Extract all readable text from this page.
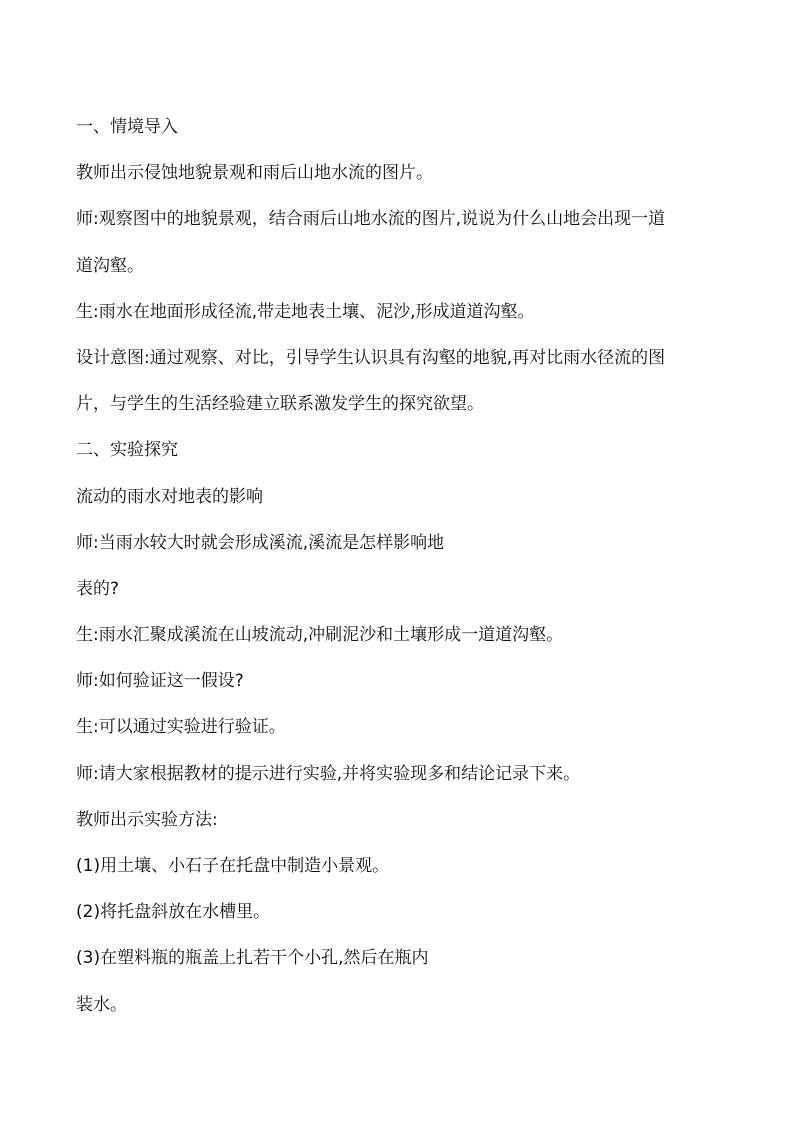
一、情境导入
教师出示侵蚀地貌景观和雨后山地水流的图片。
师:观察图中的地貌景观，结合雨后山地水流的图片,说说为什么山地会出现一道
道沟壑。
生:雨水在地面形成径流,带走地表土壤、泥沙,形成道道沟壑。
设计意图:通过观察、对比，引导学生认识具有沟壑的地貌,再对比雨水径流的图
片，与学生的生活经验建立联系激发学生的探究欲望。
二、实验探究
流动的雨水对地表的影响
师:当雨水较大时就会形成溪流,溪流是怎样影响地
表的?
生:雨水汇聚成溪流在山坡流动,冲刷泥沙和土壤形成一道道沟壑。
师:如何验证这一假设?
生:可以通过实验进行验证。
师:请大家根据教材的提示进行实验,并将实验现多和结论记录下来。
教师出示实验方法:
(1)用土壤、小石子在托盘中制造小景观。
(2)将托盘斜放在水槽里。
(3)在塑料瓶的瓶盖上扎若干个小孔,然后在瓶内
装水。
